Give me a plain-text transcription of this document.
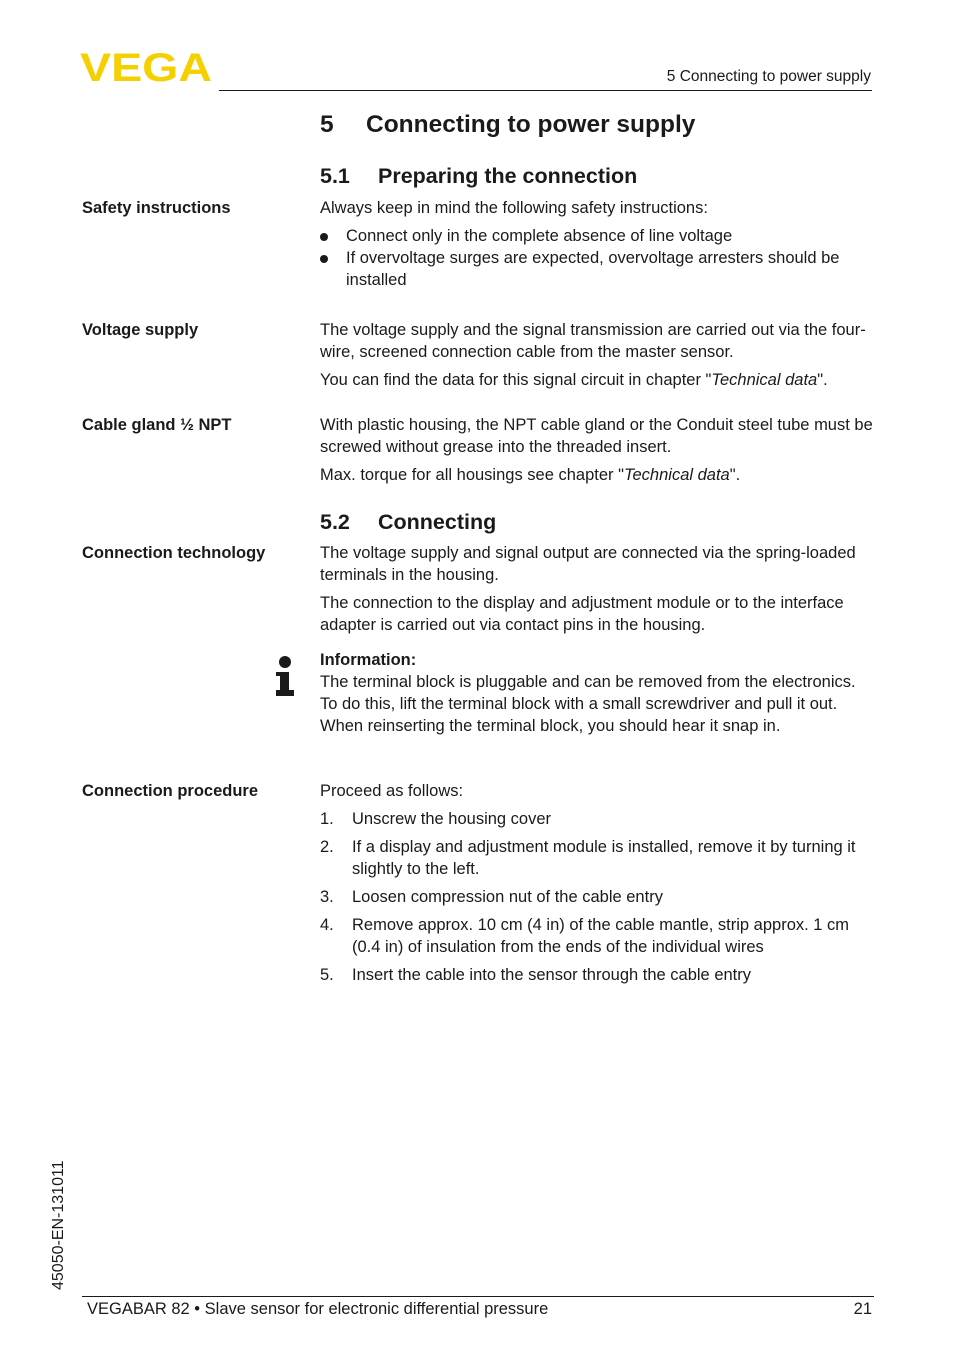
VEGA	5 Connecting to power supply
5 Connecting to power supply
5.1 Preparing the connection
Safety instructions	Always keep in mind the following safety instructions:

Connect only in the complete absence of line voltage
If overvoltage surges are expected, overvoltage arresters should be installed
Voltage supply	The voltage supply and the signal transmission are carried out via the four-wire, screened connection cable from the master sensor.

You can find the data for this signal circuit in chapter "Technical data".

Cable gland ½ NPT	With plastic housing, the NPT cable gland or the Conduit steel tube must be screwed without grease into the threaded insert.

Max. torque for all housings see chapter "Technical data".

5.2 Connecting
Connection technology	The voltage supply and signal output are connected via the spring-loaded terminals in the housing.

The connection to the display and adjustment module or to the interface adapter is carried out via contact pins in the housing.

Information:
The terminal block is pluggable and can be removed from the electronics. To do this, lift the terminal block with a small screwdriver and pull it out. When reinserting the terminal block, you should hear it snap in.
Connection procedure	Proceed as follows:

1. Unscrew the housing cover
2. If a display and adjustment module is installed, remove it by turning it slightly to the left.
3. Loosen compression nut of the cable entry
4. Remove approx. 10 cm (4 in) of the cable mantle, strip approx. 1 cm (0.4 in) of insulation from the ends of the individual wires
5. Insert the cable into the sensor through the cable entry
45050-EN-131011
VEGABAR 82 • Slave sensor for electronic differential pressure	21
